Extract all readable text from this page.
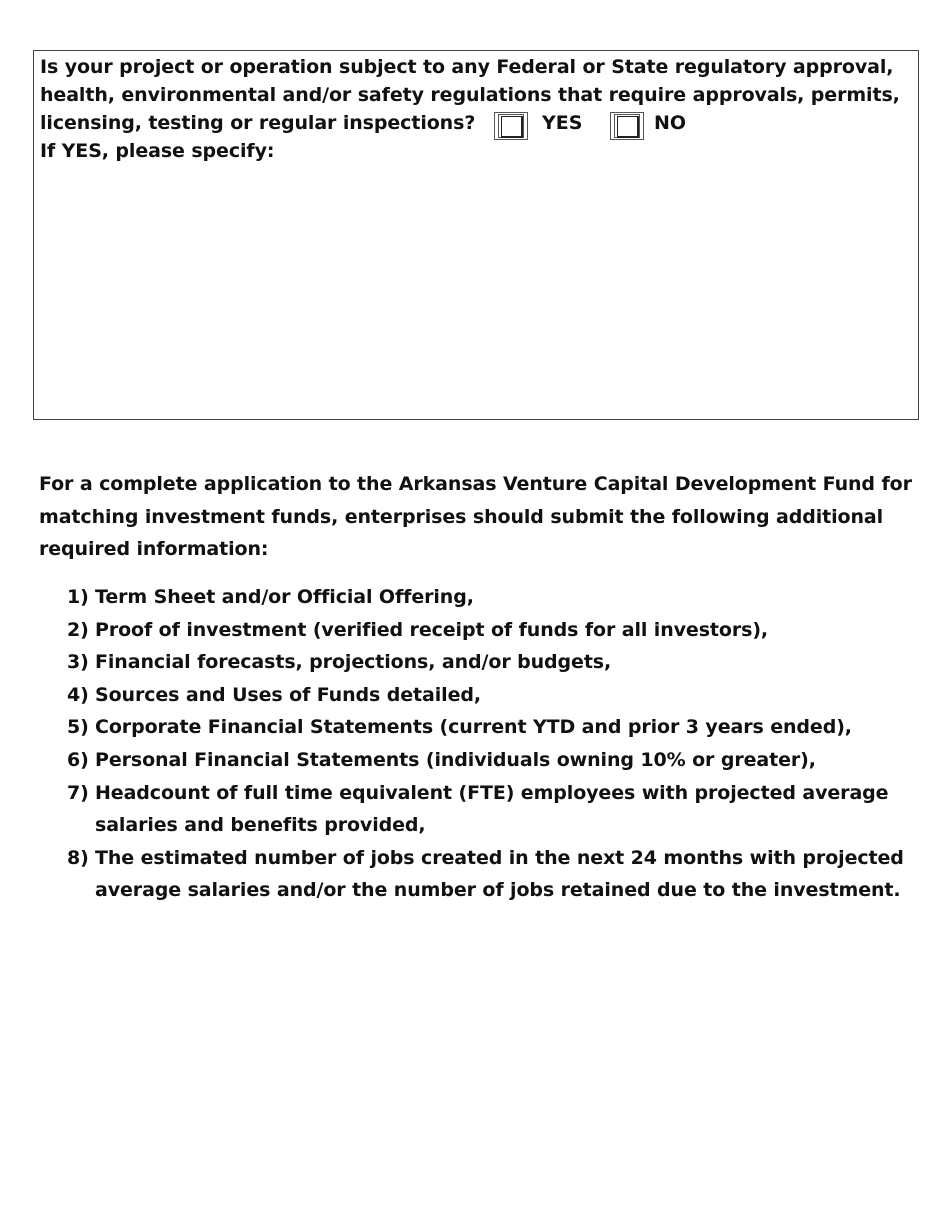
Is your project or operation subject to any Federal or State regulatory approval,
health, environmental and/or safety regulations that require approvals, permits,
licensing, testing or regular inspections?	YES	NO
If YES, please specify:
For a complete application to the Arkansas Venture Capital Development Fund for matching investment funds, enterprises should submit the following additional required information:
1) Term Sheet and/or Official Offering,
2) Proof of investment (verified receipt of funds for all investors),
3) Financial forecasts, projections, and/or budgets,
4) Sources and Uses of Funds detailed,
5) Corporate Financial Statements (current YTD and prior 3 years ended),
6) Personal Financial Statements (individuals owning 10% or greater),
7) Headcount of full time equivalent (FTE) employees with projected average salaries and benefits provided,
8) The estimated number of jobs created in the next 24 months with projected average salaries and/or the number of jobs retained due to the investment.
